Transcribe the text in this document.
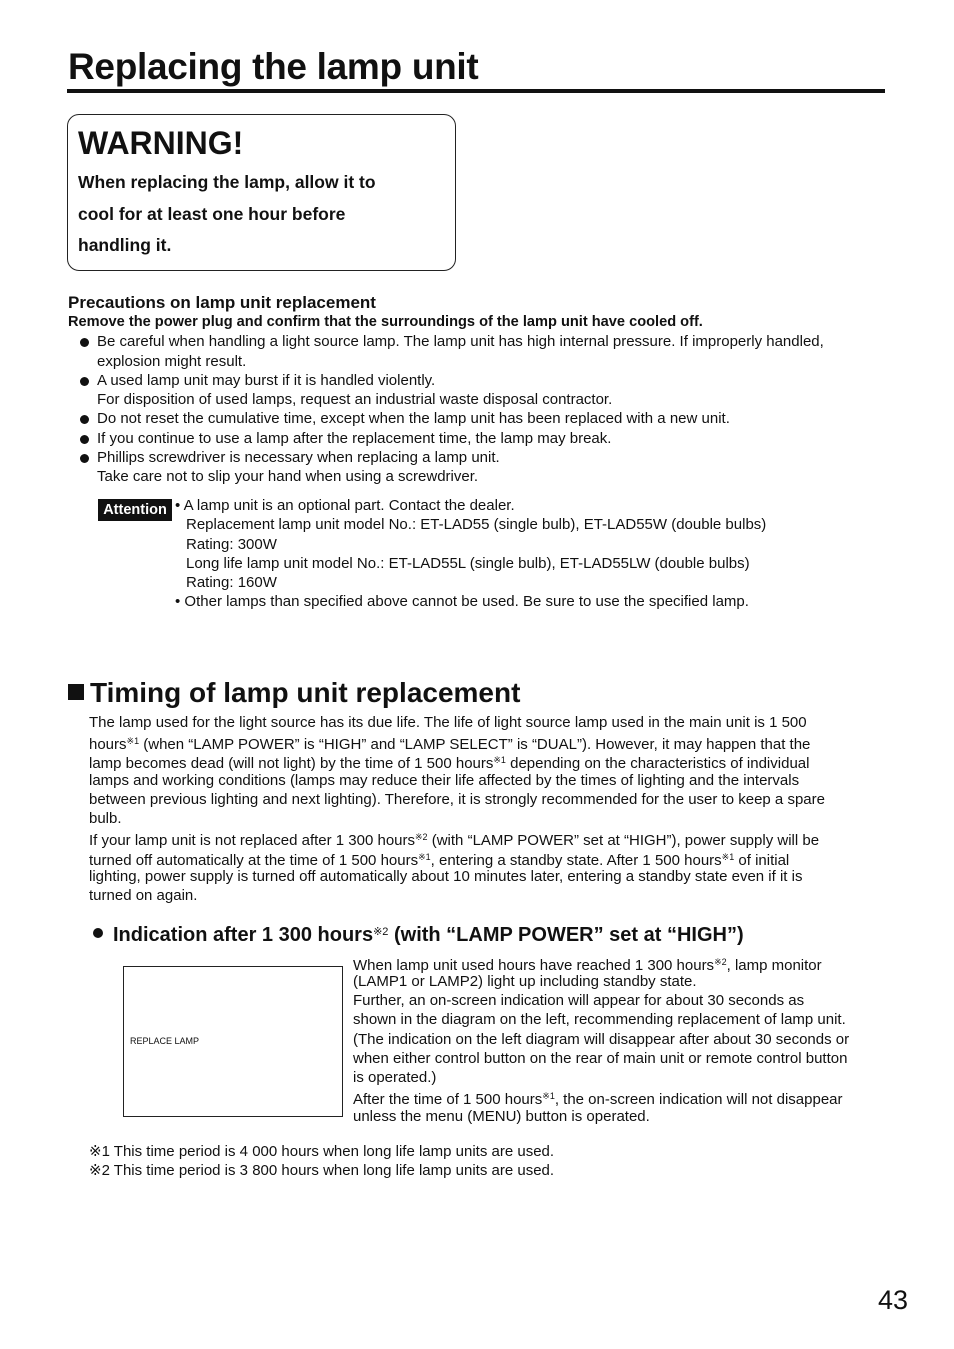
Replacing the lamp unit
WARNING!
When replacing the lamp, allow it to
cool for at least one hour before
handling it.
Precautions on lamp unit replacement
Remove the power plug and confirm that the surroundings of the lamp unit have cooled off.
Be careful when handling a light source lamp. The lamp unit has high internal pressure. If improperly handled,
explosion might result.
A used lamp unit may burst if it is handled violently.
For disposition of used lamps, request an industrial waste disposal contractor.
Do not reset the cumulative time, except when the lamp unit has been replaced with a new unit.
If you continue to use a lamp after the replacement time, the lamp may break.
Phillips screwdriver is necessary when replacing a lamp unit.
Take care not to slip your hand when using a screwdriver.
Attention • A lamp unit is an optional part. Contact the dealer.
Replacement lamp unit model No.: ET-LAD55 (single bulb), ET-LAD55W (double bulbs)
Rating: 300W
Long life lamp unit model No.: ET-LAD55L (single bulb), ET-LAD55LW (double bulbs)
Rating: 160W
• Other lamps than specified above cannot be used. Be sure to use the specified lamp.
Timing of lamp unit replacement
The lamp used for the light source has its due life. The life of light source lamp used in the main unit is 1 500
hours$^{※1}$ (when “LAMP POWER” is “HIGH” and “LAMP SELECT” is “DUAL”). However, it may happen that the
lamp becomes dead (will not light) by the time of 1 500 hours$^{※1}$ depending on the characteristics of individual
lamps and working conditions (lamps may reduce their life affected by the times of lighting and the intervals
between previous lighting and next lighting). Therefore, it is strongly recommended for the user to keep a spare
bulb.
If your lamp unit is not replaced after 1 300 hours$^{※2}$ (with “LAMP POWER” set at “HIGH”), power supply will be
turned off automatically at the time of 1 500 hours$^{※1}$, entering a standby state. After 1 500 hours$^{※1}$ of initial
lighting, power supply is turned off automatically about 10 minutes later, entering a standby state even if it is
turned on again.
Indication after 1 300 hours$^{※2}$ (with “LAMP POWER” set at “HIGH”)
REPLACE LAMP
When lamp unit used hours have reached 1 300 hours$^{※2}$, lamp monitor
(LAMP1 or LAMP2) light up including standby state.
Further, an on-screen indication will appear for about 30 seconds as
shown in the diagram on the left, recommending replacement of lamp unit.
(The indication on the left diagram will disappear after about 30 seconds or
when either control button on the rear of main unit or remote control button
is operated.)
After the time of 1 500 hours$^{※1}$, the on-screen indication will not disappear
unless the menu (MENU) button is operated.
※1 This time period is 4 000 hours when long life lamp units are used.
※2 This time period is 3 800 hours when long life lamp units are used.
43
